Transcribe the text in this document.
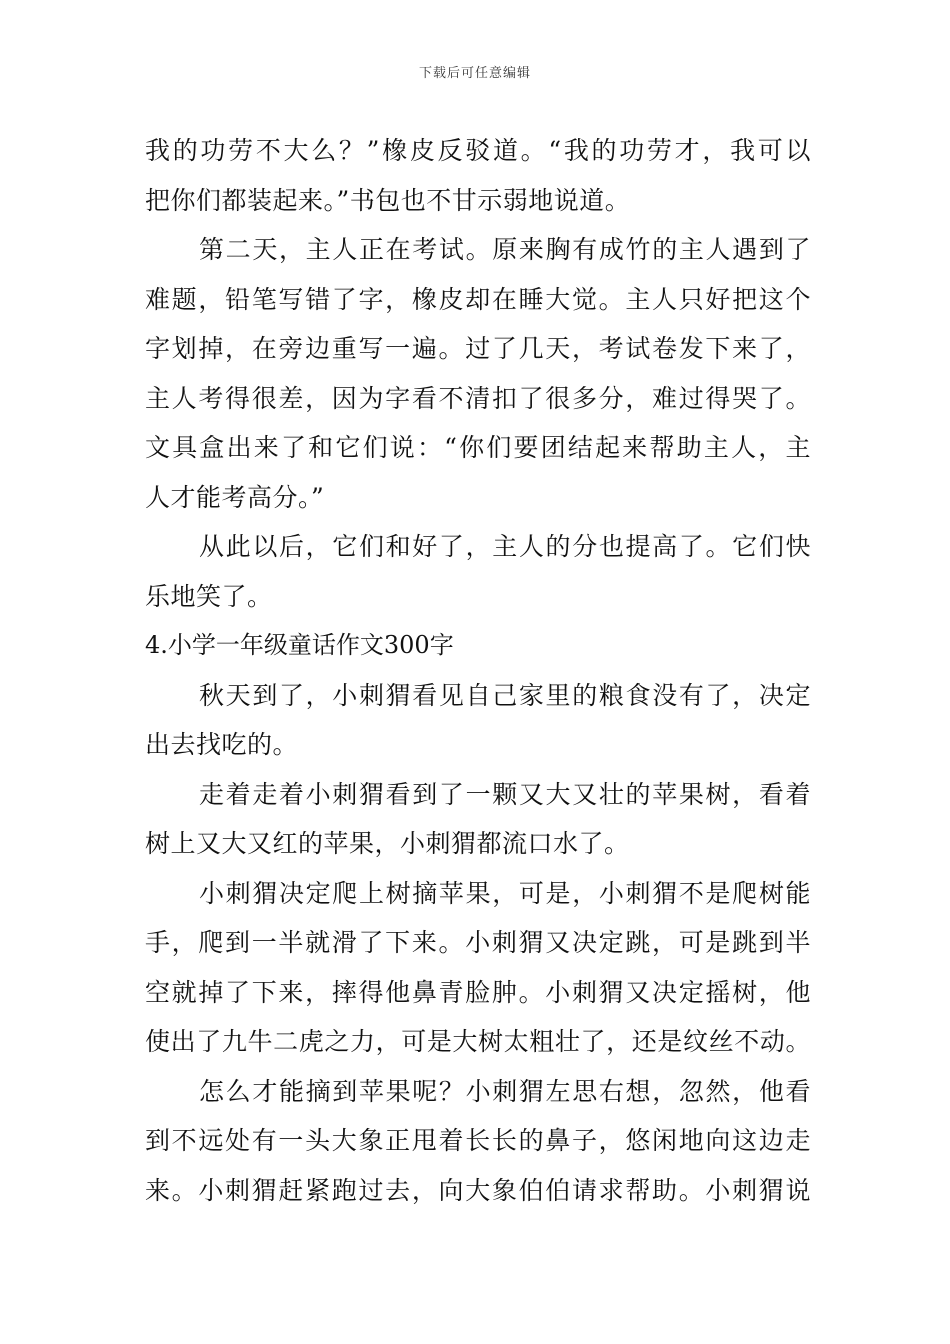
下载后可任意编辑
我的功劳不大么？”橡皮反驳道。“我的功劳才，我可以
把你们都装起来。”书包也不甘示弱地说道。
第二天，主人正在考试。原来胸有成竹的主人遇到了
难题，铅笔写错了字，橡皮却在睡大觉。主人只好把这个
字划掉，在旁边重写一遍。过了几天，考试卷发下来了，
主人考得很差，因为字看不清扣了很多分，难过得哭了。
文具盒出来了和它们说：“你们要团结起来帮助主人，主
人才能考高分。”
从此以后，它们和好了，主人的分也提高了。它们快
乐地笑了。
4.小学一年级童话作文300字
秋天到了，小刺猬看见自己家里的粮食没有了，决定
出去找吃的。
走着走着小刺猬看到了一颗又大又壮的苹果树，看着
树上又大又红的苹果，小刺猬都流口水了。
小刺猬决定爬上树摘苹果，可是，小刺猬不是爬树能
手，爬到一半就滑了下来。小刺猬又决定跳，可是跳到半
空就掉了下来，摔得他鼻青脸肿。小刺猬又决定摇树，他
使出了九牛二虎之力，可是大树太粗壮了，还是纹丝不动。
怎么才能摘到苹果呢？小刺猬左思右想，忽然，他看
到不远处有一头大象正甩着长长的鼻子，悠闲地向这边走
来。小刺猬赶紧跑过去，向大象伯伯请求帮助。小刺猬说
